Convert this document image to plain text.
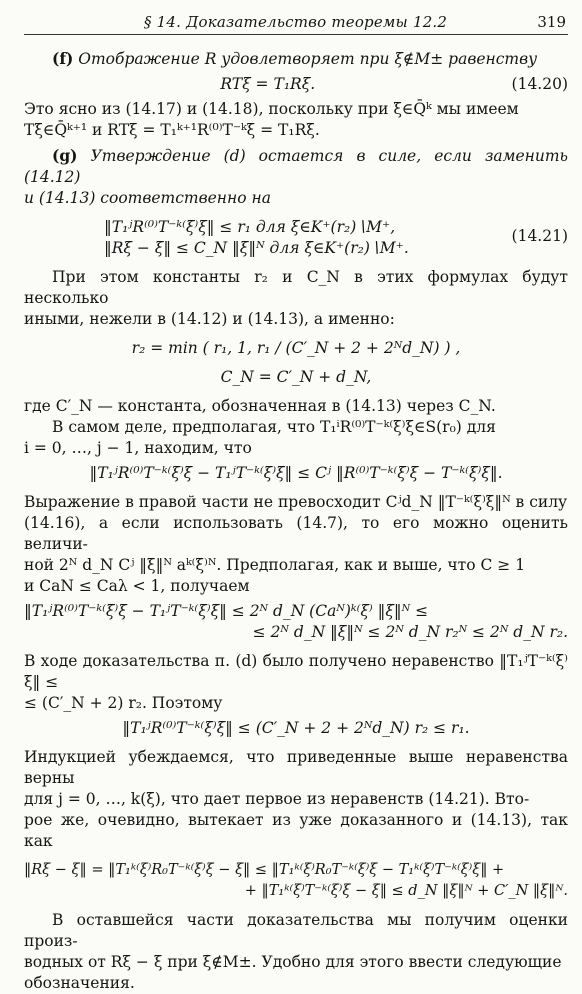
§ 14. Доказательство теоремы 12.2	319

(f) Отображение R удовлетворяет при ξ∉M± равенству

RTξ = T₁Rξ.	(14.20)

Это ясно из (14.17) и (14.18), поскольку при ξ∈Q̄ᵏ мы имеем

Tξ∈Q̄ᵏ⁺¹ и RTξ = T₁ᵏ⁺¹R⁽⁰⁾T⁻ᵏξ = T₁Rξ.

(g) Утверждение (d) остается в силе, если заменить (14.12)

и (14.13) соответственно на

‖T₁ʲR⁽⁰⁾T⁻ᵏ⁽ξ⁾ξ‖ ≤ r₁ для ξ∈K⁺(r₂)∖M⁺,
‖Rξ − ξ‖ ≤ C_N ‖ξ‖ᴺ для ξ∈K⁺(r₂)∖M⁺.
(14.21)

При этом константы r₂ и C_N в этих формулах будут несколько

иными, нежели в (14.12) и (14.13), а именно:

r₂ = min ( r₁, 1, r₁ / (C′_N + 2 + 2ᴺd_N) ) ,
C_N = C′_N + d_N,

где C′_N — константа, обозначенная в (14.13) через C_N.

В самом деле, предполагая, что T₁ⁱR⁽⁰⁾T⁻ᵏ⁽ξ⁾ξ∈S(r₀) для

i = 0, …, j − 1, находим, что

‖T₁ʲR⁽⁰⁾T⁻ᵏ⁽ξ⁾ξ − T₁ʲT⁻ᵏ⁽ξ⁾ξ‖ ≤ Cʲ ‖R⁽⁰⁾T⁻ᵏ⁽ξ⁾ξ − T⁻ᵏ⁽ξ⁾ξ‖.

Выражение в правой части не превосходит Cʲd_N ‖T⁻ᵏ⁽ξ⁾ξ‖ᴺ в силу

(14.16), а если использовать (14.7), то его можно оценить величи-

ной 2ᴺ d_N Cʲ ‖ξ‖ᴺ aᵏ⁽ξ⁾ᴺ. Предполагая, как и выше, что C ≥ 1

и CaN ≤ Caλ < 1, получаем

‖T₁ʲR⁽⁰⁾T⁻ᵏ⁽ξ⁾ξ − T₁ʲT⁻ᵏ⁽ξ⁾ξ‖ ≤ 2ᴺ d_N (Caᴺ)ᵏ⁽ξ⁾ ‖ξ‖ᴺ ≤
≤ 2ᴺ d_N ‖ξ‖ᴺ ≤ 2ᴺ d_N r₂ᴺ ≤ 2ᴺ d_N r₂.

В ходе доказательства п. (d) было получено неравенство ‖T₁ʲT⁻ᵏ⁽ξ⁾ξ‖ ≤

≤ (C′_N + 2) r₂. Поэтому

‖T₁ʲR⁽⁰⁾T⁻ᵏ⁽ξ⁾ξ‖ ≤ (C′_N + 2 + 2ᴺd_N) r₂ ≤ r₁.

Индукцией убеждаемся, что приведенные выше неравенства верны

для j = 0, …, k(ξ), что дает первое из неравенств (14.21). Вто-

рое же, очевидно, вытекает из уже доказанного и (14.13), так как

‖Rξ − ξ‖ = ‖T₁ᵏ⁽ξ⁾R₀T⁻ᵏ⁽ξ⁾ξ − ξ‖ ≤ ‖T₁ᵏ⁽ξ⁾R₀T⁻ᵏ⁽ξ⁾ξ − T₁ᵏ⁽ξ⁾T⁻ᵏ⁽ξ⁾ξ‖ +
+ ‖T₁ᵏ⁽ξ⁾T⁻ᵏ⁽ξ⁾ξ − ξ‖ ≤ d_N ‖ξ‖ᴺ + C′_N ‖ξ‖ᴺ.

В оставшейся части доказательства мы получим оценки произ-

водных от Rξ − ξ при ξ∉M±. Удобно для этого ввести следующие

обозначения.
